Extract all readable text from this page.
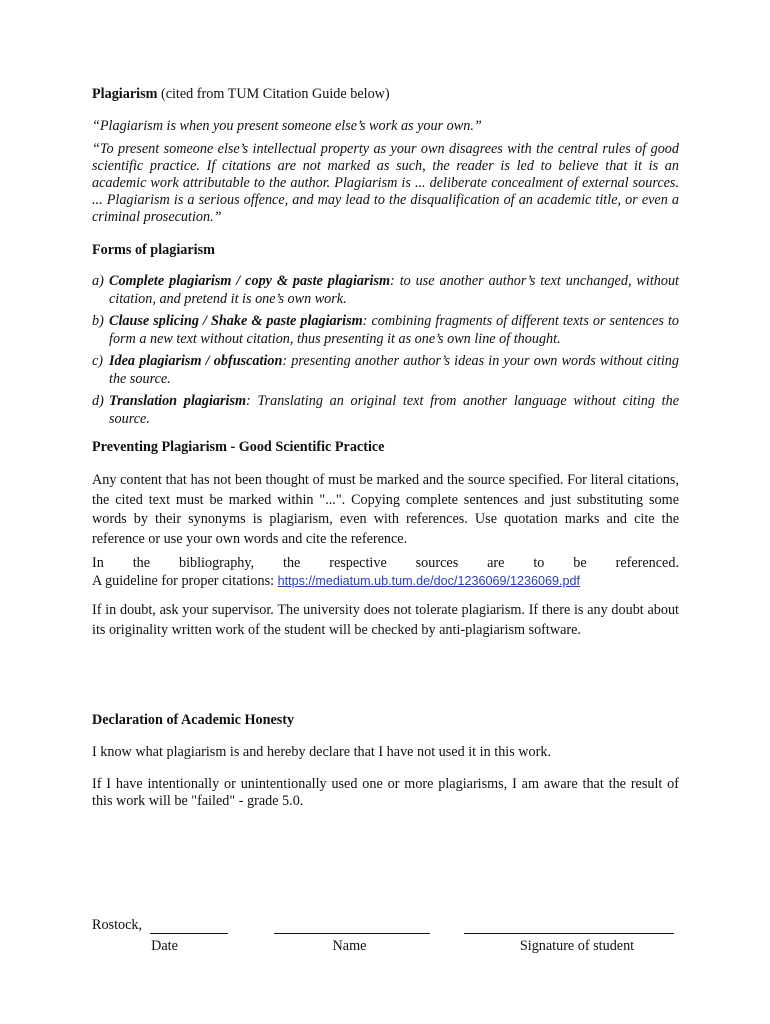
Plagiarism (cited from TUM Citation Guide below)

“Plagiarism is when you present someone else’s work as your own.”

“To present someone else’s intellectual property as your own disagrees with the central rules of good scientific practice. If citations are not marked as such, the reader is led to believe that it is an academic work attributable to the author. Plagiarism is ... deliberate concealment of external sources. ... Plagiarism is a serious offence, and may lead to the disqualification of an academic title, or even a criminal prosecution.”

Forms of plagiarism

a) Complete plagiarism / copy & paste plagiarism: to use another author’s text unchanged, without citation, and pretend it is one’s own work.
b) Clause splicing / Shake & paste plagiarism: combining fragments of different texts or sentences to form a new text without citation, thus presenting it as one’s own line of thought.
c) Idea plagiarism / obfuscation: presenting another author’s ideas in your own words without citing the source.
d) Translation plagiarism: Translating an original text from another language without citing the source.

Preventing Plagiarism - Good Scientific Practice

Any content that has not been thought of must be marked and the source specified. For literal citations, the cited text must be marked within "...". Copying complete sentences and just substituting some words by their synonyms is plagiarism, even with references. Use quotation marks and cite the reference or use your own words and cite the reference.

In the bibliography, the respective sources are to be referenced.

A guideline for proper citations: https://mediatum.ub.tum.de/doc/1236069/1236069.pdf

If in doubt, ask your supervisor. The university does not tolerate plagiarism. If there is any doubt about its originality written work of the student will be checked by anti-plagiarism software.

Declaration of Academic Honesty

I know what plagiarism is and hereby declare that I have not used it in this work.

If I have intentionally or unintentionally used one or more plagiarisms, I am aware that the result of this work will be "failed" - grade 5.0.

Rostock,
Date	Name	Signature of student
